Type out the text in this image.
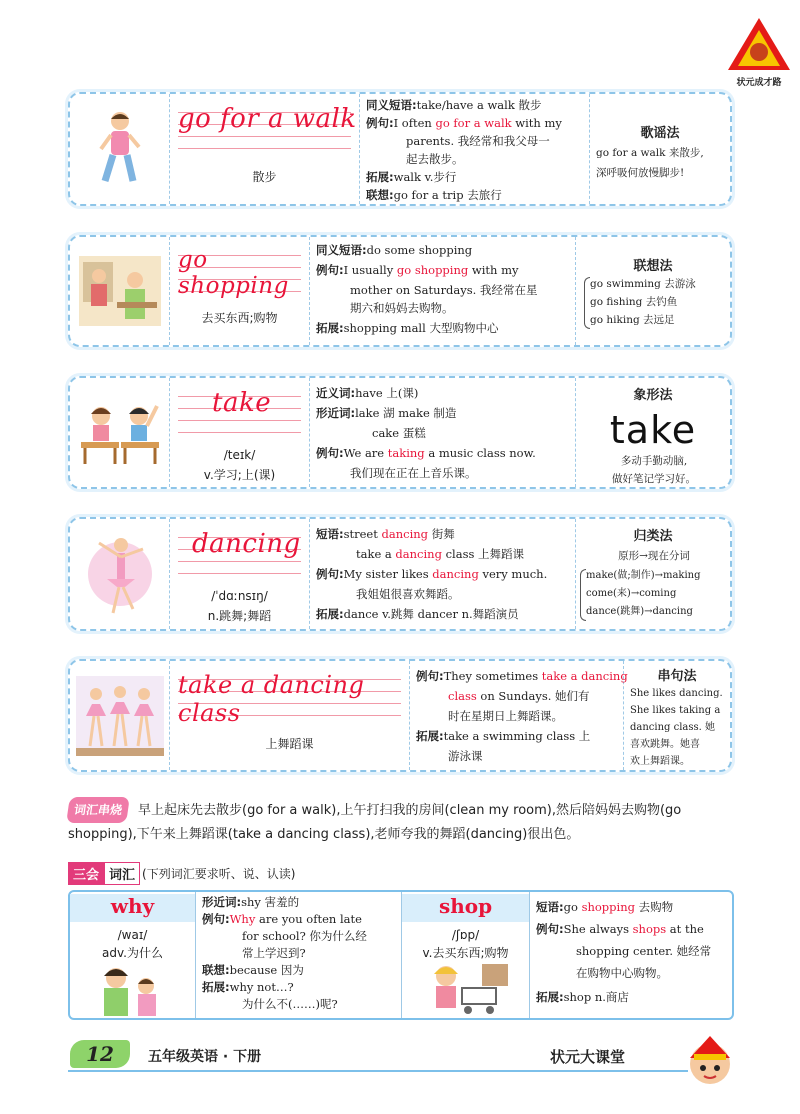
状元成才路
go for a walk
散步
同义短语:take/have a walk 散步
例句:I often go for a walk with my
parents. 我经常和我父母一
起去散步。
拓展:walk v.步行
联想:go for a trip 去旅行
歌谣法
go for a walk 来散步,
深呼吸何放慢脚步!
go shopping
去买东西;购物
同义短语:do some shopping
例句:I usually go shopping with my
mother on Saturdays. 我经常在星
期六和妈妈去购物。
拓展:shopping mall 大型购物中心
联想法
go swimming 去游泳
go fishing 去钓鱼
go hiking 去远足
take
/teɪk/
v.学习;上(课)
近义词:have 上(课)
形近词:lake 湖 make 制造
cake 蛋糕
例句:We are taking a music class now.
我们现在正在上音乐课。
象形法
take
多动手勤动脑,
做好笔记学习好。
dancing
/ˈdɑːnsɪŋ/
n.跳舞;舞蹈
短语:street dancing 街舞
take a dancing class 上舞蹈课
例句:My sister likes dancing very much.
我姐姐很喜欢舞蹈。
拓展:dance v.跳舞 dancer n.舞蹈演员
归类法
原形→现在分词
make(做;制作)→making
come(来)→coming
dance(跳舞)→dancing
take a dancing class
上舞蹈课
例句:They sometimes take a dancing
class on Sundays. 她们有
时在星期日上舞蹈课。
拓展:take a swimming class 上
游泳课
串句法
She likes dancing.
She likes taking a
dancing class. 她
喜欢跳舞。她喜
欢上舞蹈课。
词汇串烧 早上起床先去散步(go for a walk),上午打扫我的房间(clean my room),然后陪妈妈去购物(go shopping),下午来上舞蹈课(take a dancing class),老师夸我的舞蹈(dancing)很出色。
三会 词汇 (下列词汇要求听、说、认读)
why
/waɪ/
adv.为什么
形近词:shy 害羞的
例句:Why are you often late
for school? 你为什么经
常上学迟到?
联想:because 因为
拓展:why not…?
为什么不(……)呢?
shop
/ʃɒp/
v.去买东西;购物
短语:go shopping 去购物
例句:She always shops at the
shopping center. 她经常
在购物中心购物。
拓展:shop n.商店
12	五年级英语 · 下册	状元大课堂
